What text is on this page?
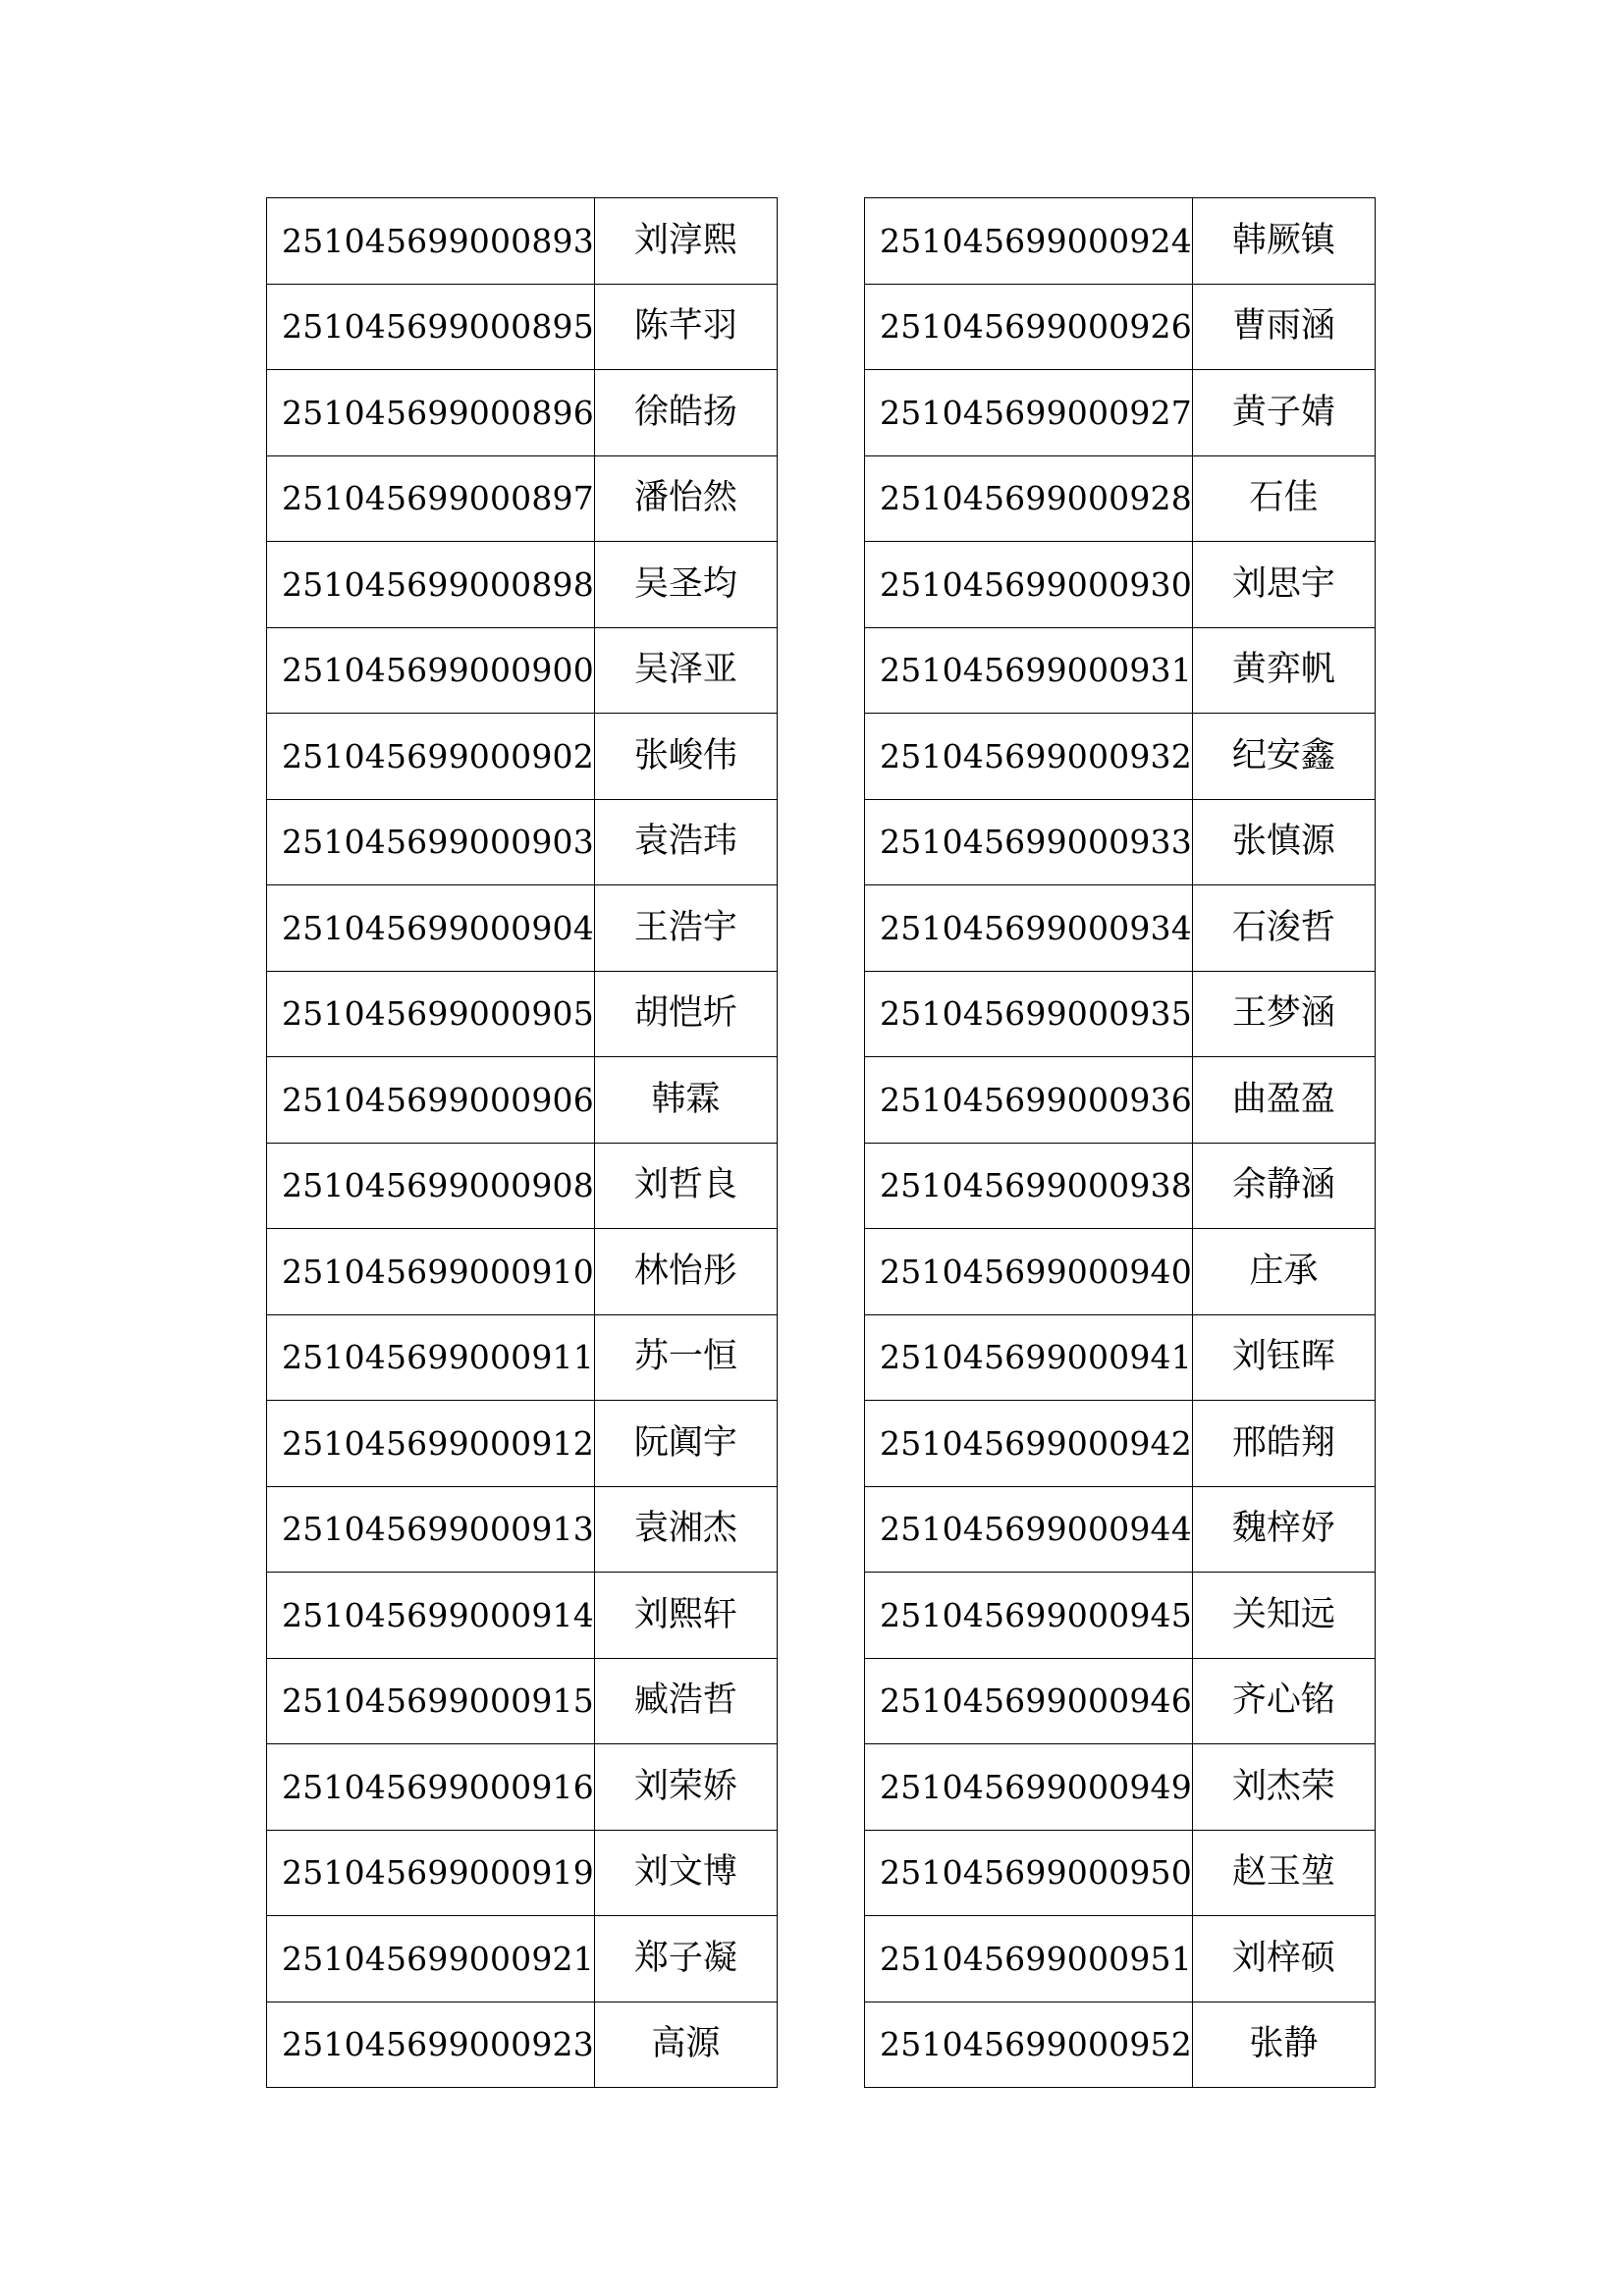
251045699000893	刘淳熙
251045699000895	陈芊羽
251045699000896	徐皓扬
251045699000897	潘怡然
251045699000898	吴圣均
251045699000900	吴泽亚
251045699000902	张峻伟
251045699000903	袁浩玮
251045699000904	王浩宇
251045699000905	胡恺圻
251045699000906	韩霖
251045699000908	刘哲良
251045699000910	林怡彤
251045699000911	苏一恒
251045699000912	阮阗宇
251045699000913	袁湘杰
251045699000914	刘熙轩
251045699000915	臧浩哲
251045699000916	刘荣娇
251045699000919	刘文博
251045699000921	郑子凝
251045699000923	高源
251045699000924	韩厥镇
251045699000926	曹雨涵
251045699000927	黄子婧
251045699000928	石佳
251045699000930	刘思宇
251045699000931	黄弈帆
251045699000932	纪安鑫
251045699000933	张慎源
251045699000934	石浚哲
251045699000935	王梦涵
251045699000936	曲盈盈
251045699000938	余静涵
251045699000940	庄承
251045699000941	刘钰晖
251045699000942	邢皓翔
251045699000944	魏梓妤
251045699000945	关知远
251045699000946	齐心铭
251045699000949	刘杰荣
251045699000950	赵玉堃
251045699000951	刘梓硕
251045699000952	张静
